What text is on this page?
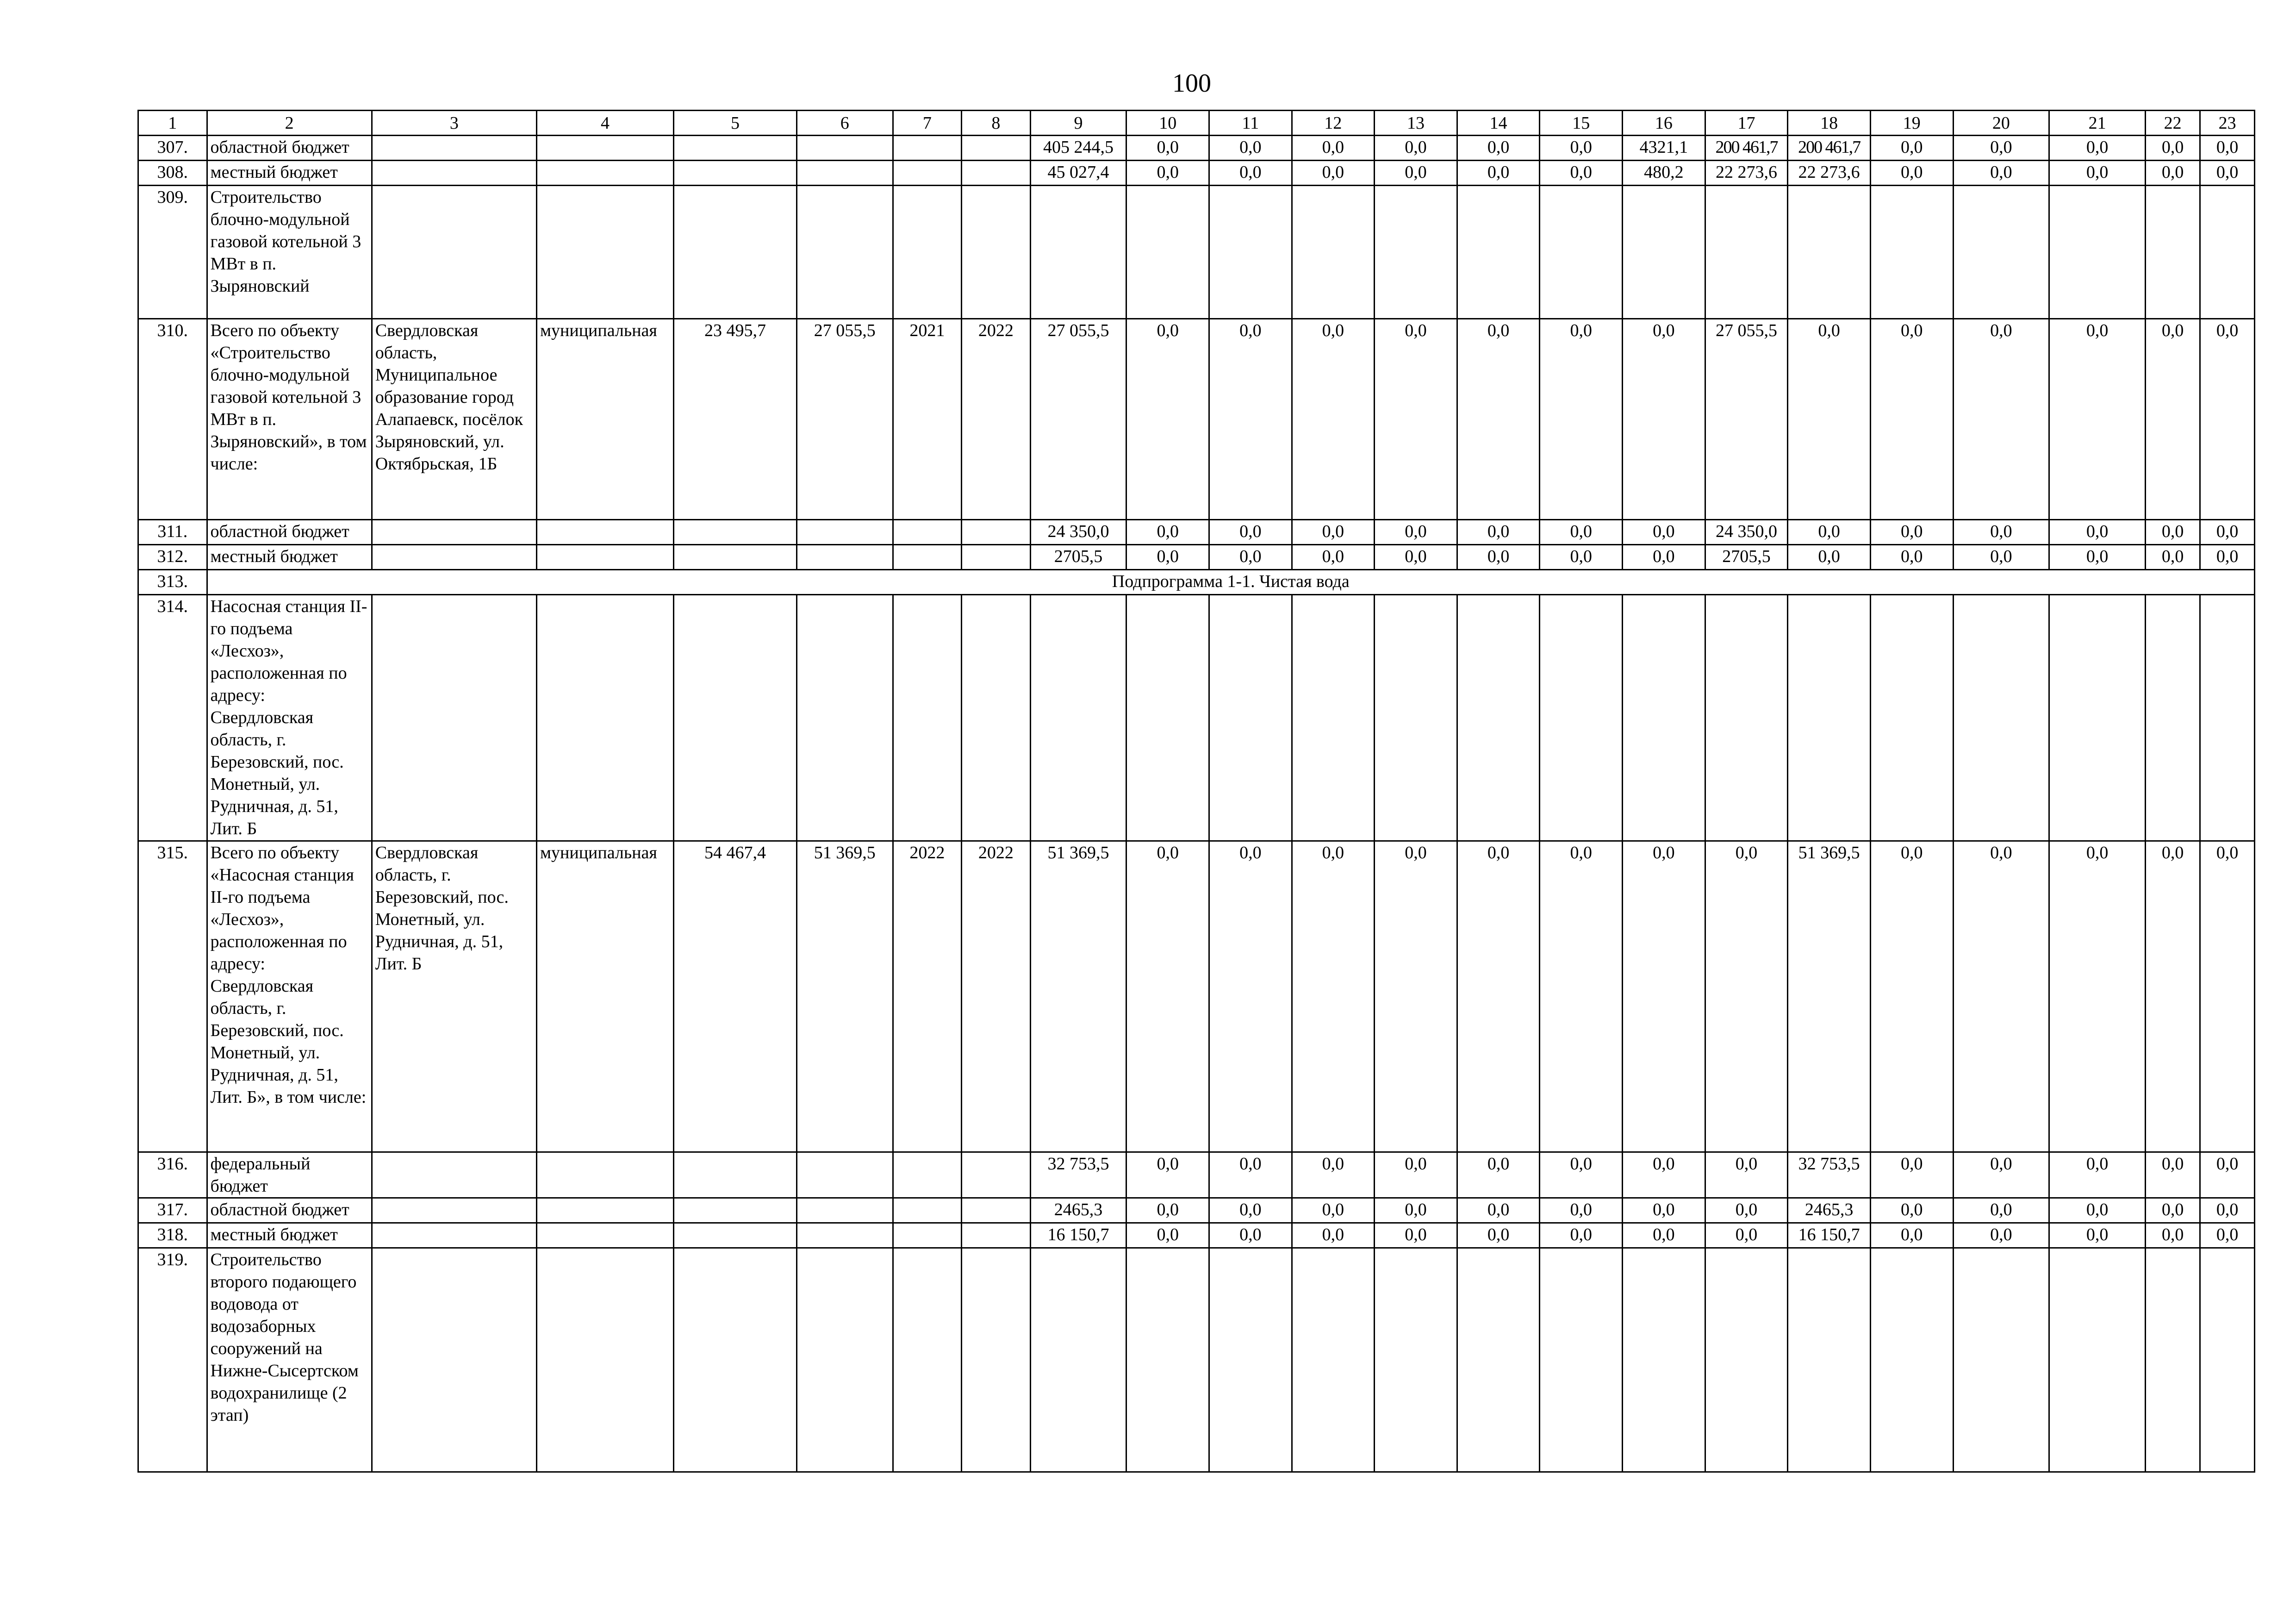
100
1	2	3	4	5	6	7	8	9	10	11	12	13	14	15	16	17	18	19	20	21	22	23
307.	областной бюджет							405 244,5	0,0	0,0	0,0	0,0	0,0	0,0	4321,1	200 461,7	200 461,7	0,0	0,0	0,0	0,0	0,0
308.	местный бюджет							45 027,4	0,0	0,0	0,0	0,0	0,0	0,0	480,2	22 273,6	22 273,6	0,0	0,0	0,0	0,0	0,0
309.	Строительство блочно-модульной газовой котельной 3 МВт в п. Зыряновский																					
310.	Всего по объекту «Строительство блочно-модульной газовой котельной 3 МВт в п. Зыряновский», в том числе:	Свердловская область, Муниципальное образование город Алапаевск, посёлок Зыряновский, ул. Октябрьская, 1Б	муниципальная	23 495,7	27 055,5	2021	2022	27 055,5	0,0	0,0	0,0	0,0	0,0	0,0	0,0	27 055,5	0,0	0,0	0,0	0,0	0,0	0,0
311.	областной бюджет							24 350,0	0,0	0,0	0,0	0,0	0,0	0,0	0,0	24 350,0	0,0	0,0	0,0	0,0	0,0	0,0
312.	местный бюджет							2705,5	0,0	0,0	0,0	0,0	0,0	0,0	0,0	2705,5	0,0	0,0	0,0	0,0	0,0	0,0
313.	Подпрограмма 1-1. Чистая вода																					
314.	Насосная станция II-го подъема «Лесхоз», расположенная по адресу: Свердловская область, г. Березовский, пос. Монетный, ул. Рудничная, д. 51, Лит. Б																					
315.	Всего по объекту «Насосная станция II-го подъема «Лесхоз», расположенная по адресу: Свердловская область, г. Березовский, пос. Монетный, ул. Рудничная, д. 51, Лит. Б», в том числе:	Свердловская область, г. Березовский, пос. Монетный, ул. Рудничная, д. 51, Лит. Б	муниципальная	54 467,4	51 369,5	2022	2022	51 369,5	0,0	0,0	0,0	0,0	0,0	0,0	0,0	0,0	51 369,5	0,0	0,0	0,0	0,0	0,0
316.	федеральный бюджет							32 753,5	0,0	0,0	0,0	0,0	0,0	0,0	0,0	0,0	32 753,5	0,0	0,0	0,0	0,0	0,0
317.	областной бюджет							2465,3	0,0	0,0	0,0	0,0	0,0	0,0	0,0	0,0	2465,3	0,0	0,0	0,0	0,0	0,0
318.	местный бюджет							16 150,7	0,0	0,0	0,0	0,0	0,0	0,0	0,0	0,0	16 150,7	0,0	0,0	0,0	0,0	0,0
319.	Строительство второго подающего водовода от водозаборных сооружений на Нижне-Сысертском водохранилище (2 этап)																					
